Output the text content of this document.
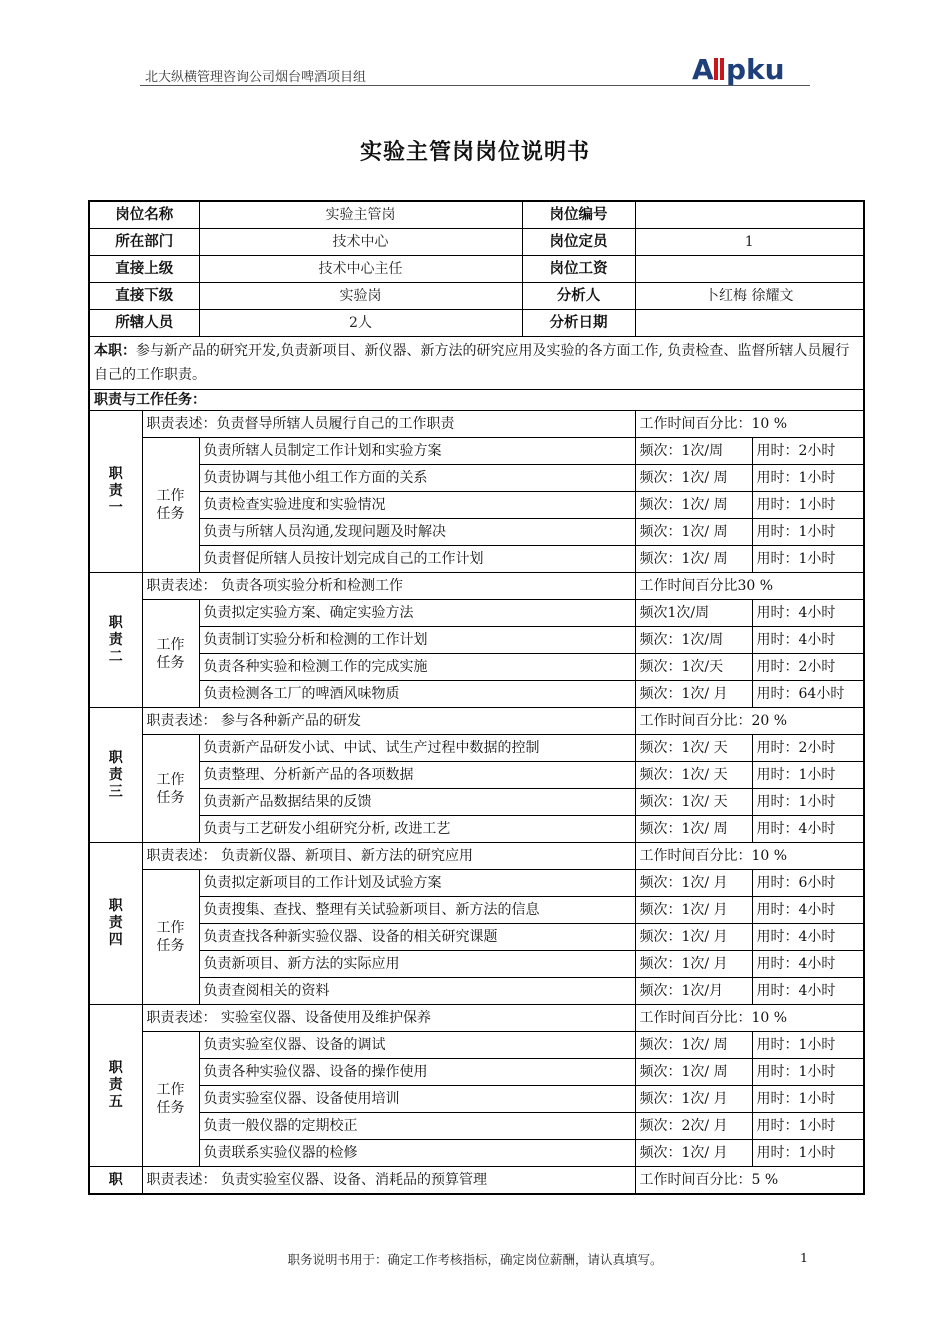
北大纵横管理咨询公司烟台啤酒项目组	A pku
实验主管岗岗位说明书
岗位名称		实验主管岗	岗位编号		
所在部门		技术中心	岗位定员	1	
直接上级		技术中心主任	岗位工资		
直接下级		实验岗	分析人	卜红梅 徐耀文	
所辖人员		2人	分析日期		
本职：参与新产品的研究开发,负责新项目、新仪器、新方法的研究应用及实验的各方面工作, 负责检查、监督所辖人员履行自己的工作职责。					
职责与工作任务：					
职责一	职责表述：负责督导所辖人员履行自己的工作职责			工作时间百分比：10 %	
	工作任务	负责所辖人员制定工作计划和实验方案		频次：1次/周	用时：2小时
		负责协调与其他小组工作方面的关系		频次：1次/ 周	用时：1小时
		负责检查实验进度和实验情况		频次：1次/ 周	用时：1小时
		负责与所辖人员沟通,发现问题及时解决		频次：1次/ 周	用时：1小时
		负责督促所辖人员按计划完成自己的工作计划		频次：1次/ 周	用时：1小时
职责二	职责表述： 负责各项实验分析和检测工作			工作时间百分比30 %	
	工作任务	负责拟定实验方案、确定实验方法		频次1次/周	用时：4小时
		负责制订实验分析和检测的工作计划		频次：1次/周	用时：4小时
		负责各种实验和检测工作的完成实施		频次：1次/天	用时：2小时
		负责检测各工厂的啤酒风味物质		频次：1次/ 月	用时：64小时
职责三	职责表述： 参与各种新产品的研发			工作时间百分比：20 %	
	工作任务	负责新产品研发小试、中试、试生产过程中数据的控制		频次：1次/ 天	用时：2小时
		负责整理、分析新产品的各项数据		频次：1次/ 天	用时：1小时
		负责新产品数据结果的反馈		频次：1次/ 天	用时：1小时
		负责与工艺研发小组研究分析, 改进工艺		频次：1次/ 周	用时：4小时
职责四	职责表述： 负责新仪器、新项目、新方法的研究应用			工作时间百分比：10 %	
	工作任务	负责拟定新项目的工作计划及试验方案		频次：1次/ 月	用时：6小时
		负责搜集、查找、整理有关试验新项目、新方法的信息		频次：1次/ 月	用时：4小时
		负责查找各种新实验仪器、设备的相关研究课题		频次：1次/ 月	用时：4小时
		负责新项目、新方法的实际应用		频次：1次/ 月	用时：4小时
		负责查阅相关的资料		频次：1次/月	用时：4小时
职责五	职责表述： 实验室仪器、设备使用及维护保养			工作时间百分比：10 %	
	工作任务	负责实验室仪器、设备的调试		频次：1次/ 周	用时：1小时
		负责各种实验仪器、设备的操作使用		频次：1次/ 周	用时：1小时
		负责实验室仪器、设备使用培训		频次：1次/ 月	用时：1小时
		负责一般仪器的定期校正		频次：2次/ 月	用时：1小时
		负责联系实验仪器的检修		频次：1次/ 月	用时：1小时
职	职责表述： 负责实验室仪器、设备、消耗品的预算管理			工作时间百分比：5 %	
职务说明书用于：确定工作考核指标，确定岗位薪酬，请认真填写。	1
